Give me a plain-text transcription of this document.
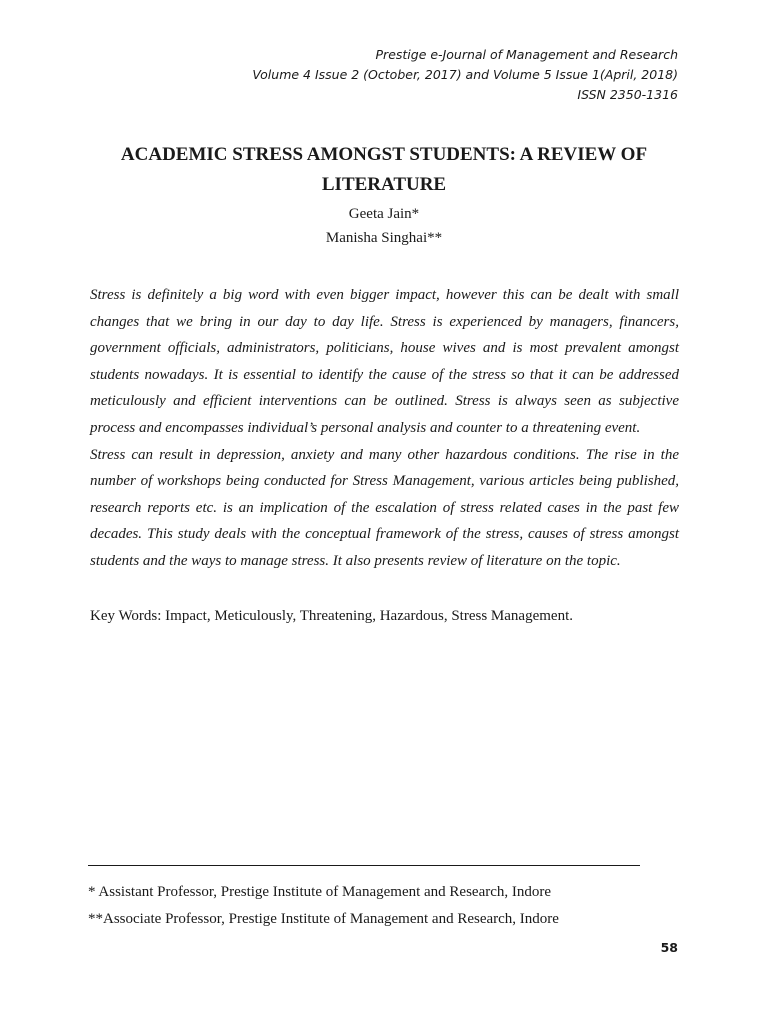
Prestige e-Journal of Management and Research
Volume 4 Issue 2 (October, 2017) and Volume 5 Issue 1(April, 2018)
ISSN 2350-1316
ACADEMIC STRESS AMONGST STUDENTS: A REVIEW OF
LITERATURE
Geeta Jain*
Manisha Singhai**

Stress is definitely a big word with even bigger impact, however this can be dealt with small changes that we bring in our day to day life. Stress is experienced by managers, financers, government officials, administrators, politicians, house wives and is most prevalent amongst students nowadays. It is essential to identify the cause of the stress so that it can be addressed meticulously and efficient interventions can be outlined. Stress is always seen as subjective process and encompasses individual’s personal analysis and counter to a threatening event.

Stress can result in depression, anxiety and many other hazardous conditions. The rise in the number of workshops being conducted for Stress Management, various articles being published, research reports etc. is an implication of the escalation of stress related cases in the past few decades. This study deals with the conceptual framework of the stress, causes of stress amongst students and the ways to manage stress. It also presents review of literature on the topic.

Key Words: Impact, Meticulously, Threatening, Hazardous, Stress Management.
* Assistant Professor, Prestige Institute of Management and Research, Indore
**Associate Professor, Prestige Institute of Management and Research, Indore
58
